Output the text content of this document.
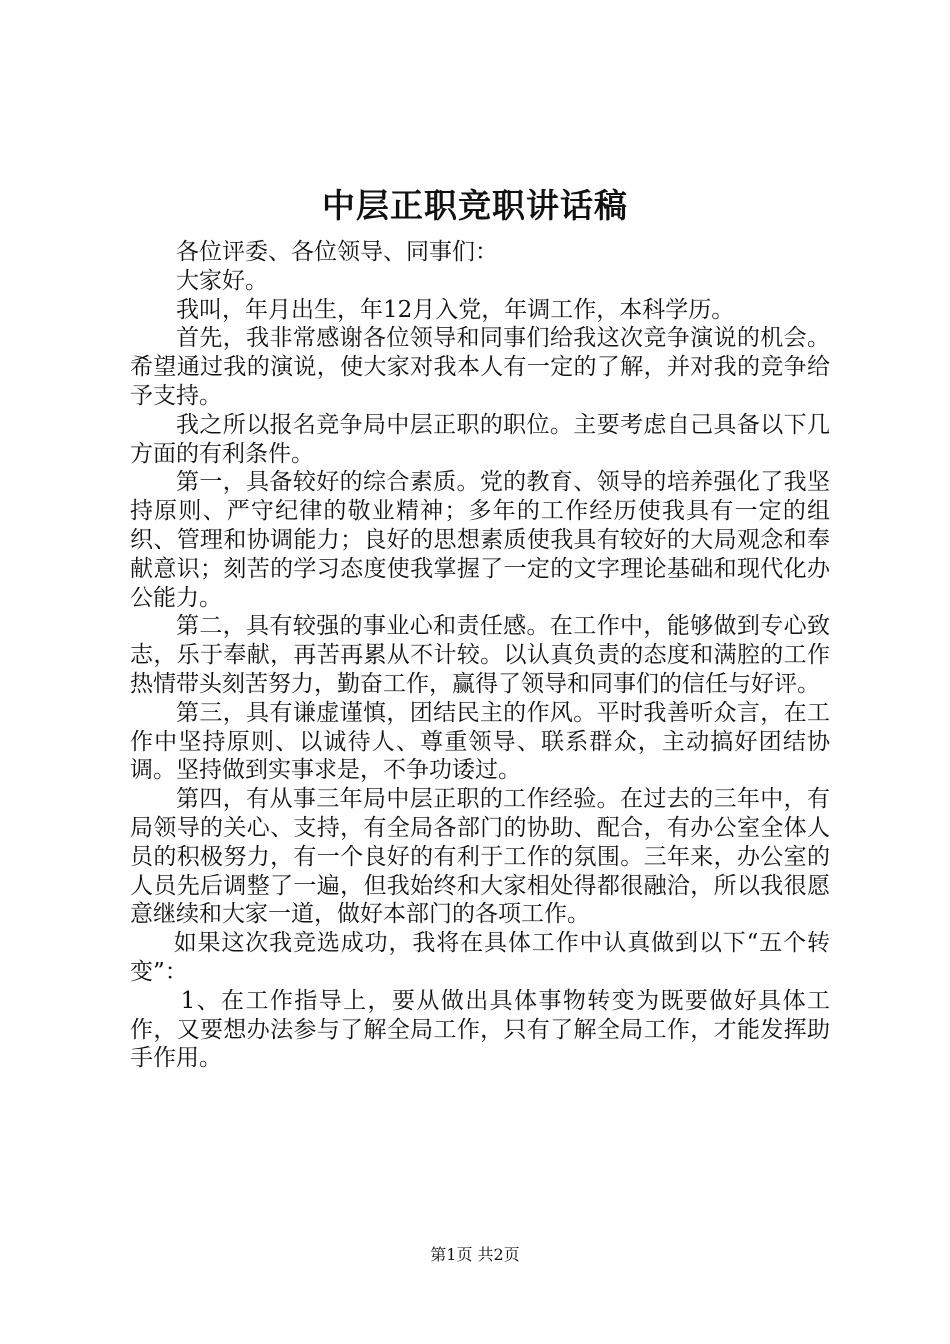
中层正职竞职讲话稿

各位评委、各位领导、同事们：

大家好。

我叫，年月出生，年12月入党，年调工作，本科学历。

首先，我非常感谢各位领导和同事们给我这次竞争演说的机会。希望通过我的演说，使大家对我本人有一定的了解，并对我的竞争给予支持。

我之所以报名竞争局中层正职的职位。主要考虑自己具备以下几方面的有利条件。

第一，具备较好的综合素质。党的教育、领导的培养强化了我坚持原则、严守纪律的敬业精神；多年的工作经历使我具有一定的组织、管理和协调能力；良好的思想素质使我具有较好的大局观念和奉献意识；刻苦的学习态度使我掌握了一定的文字理论基础和现代化办公能力。

第二，具有较强的事业心和责任感。在工作中，能够做到专心致志，乐于奉献，再苦再累从不计较。以认真负责的态度和满腔的工作热情带头刻苦努力，勤奋工作，赢得了领导和同事们的信任与好评。

第三，具有谦虚谨慎，团结民主的作风。平时我善听众言，在工作中坚持原则、以诚待人、尊重领导、联系群众，主动搞好团结协调。坚持做到实事求是，不争功诿过。

第四，有从事三年局中层正职的工作经验。在过去的三年中，有局领导的关心、支持，有全局各部门的协助、配合，有办公室全体人员的积极努力，有一个良好的有利于工作的氛围。三年来，办公室的人员先后调整了一遍，但我始终和大家相处得都很融洽，所以我很愿意继续和大家一道，做好本部门的各项工作。

如果这次我竞选成功，我将在具体工作中认真做到以下“五个转变”：

1、在工作指导上，要从做出具体事物转变为既要做好具体工作，又要想办法参与了解全局工作，只有了解全局工作，才能发挥助手作用。

第1页 共2页
